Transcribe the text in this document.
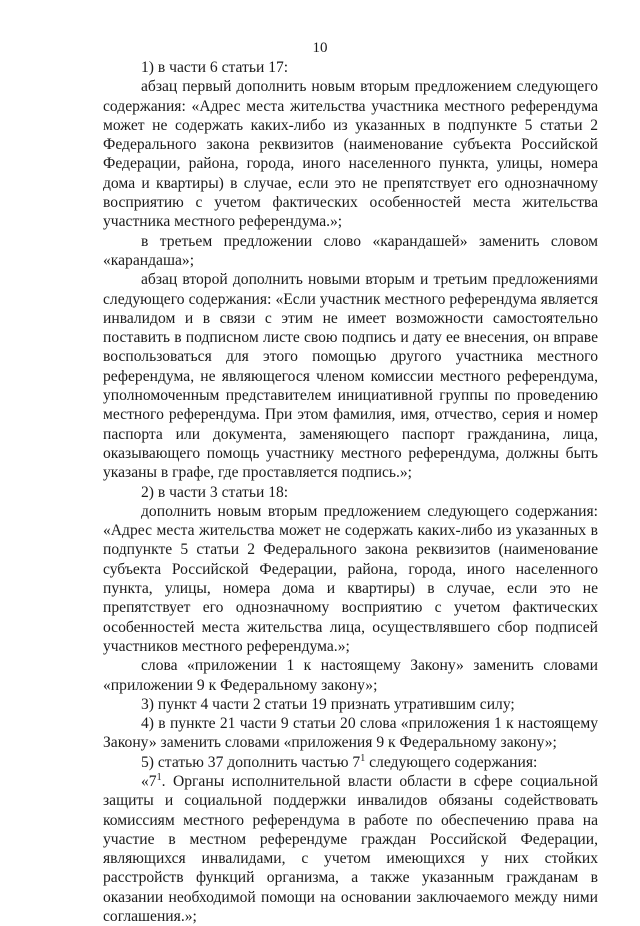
10

1) в части 6 статьи 17:

абзац первый дополнить новым вторым предложением следующего содержания: «Адрес места жительства участника местного референдума может не содержать каких-либо из указанных в подпункте 5 статьи 2 Федерального закона реквизитов (наименование субъекта Российской Федерации, района, города, иного населенного пункта, улицы, номера дома и квартиры) в случае, если это не препятствует его однозначному восприятию с учетом фактических особенностей места жительства участника местного референдума.»;

в третьем предложении слово «карандашей» заменить словом «карандаша»;

абзац второй дополнить новыми вторым и третьим предложениями следующего содержания: «Если участник местного референдума является инвалидом и в связи с этим не имеет возможности самостоятельно поставить в подписном листе свою подпись и дату ее внесения, он вправе воспользоваться для этого помощью другого участника местного референдума, не являющегося членом комиссии местного референдума, уполномоченным представителем инициативной группы по проведению местного референдума. При этом фамилия, имя, отчество, серия и номер паспорта или документа, заменяющего паспорт гражданина, лица, оказывающего помощь участнику местного референдума, должны быть указаны в графе, где проставляется подпись.»;

2) в части 3 статьи 18:

дополнить новым вторым предложением следующего содержания: «Адрес места жительства может не содержать каких-либо из указанных в подпункте 5 статьи 2 Федерального закона реквизитов (наименование субъекта Российской Федерации, района, города, иного населенного пункта, улицы, номера дома и квартиры) в случае, если это не препятствует его однозначному восприятию с учетом фактических особенностей места жительства лица, осуществлявшего сбор подписей участников местного референдума.»;

слова «приложении 1 к настоящему Закону» заменить словами «приложении 9 к Федеральному закону»;

3) пункт 4 части 2 статьи 19 признать утратившим силу;

4) в пункте 21 части 9 статьи 20 слова «приложения 1 к настоящему Закону» заменить словами «приложения 9 к Федеральному закону»;

5) статью 37 дополнить частью $7^1$ следующего содержания:

«$7^1$. Органы исполнительной власти области в сфере социальной защиты и социальной поддержки инвалидов обязаны содействовать комиссиям местного референдума в работе по обеспечению права на участие в местном референдуме граждан Российской Федерации, являющихся инвалидами, с учетом имеющихся у них стойких расстройств функций организма, а также указанным гражданам в оказании необходимой помощи на основании заключаемого между ними соглашения.»;
